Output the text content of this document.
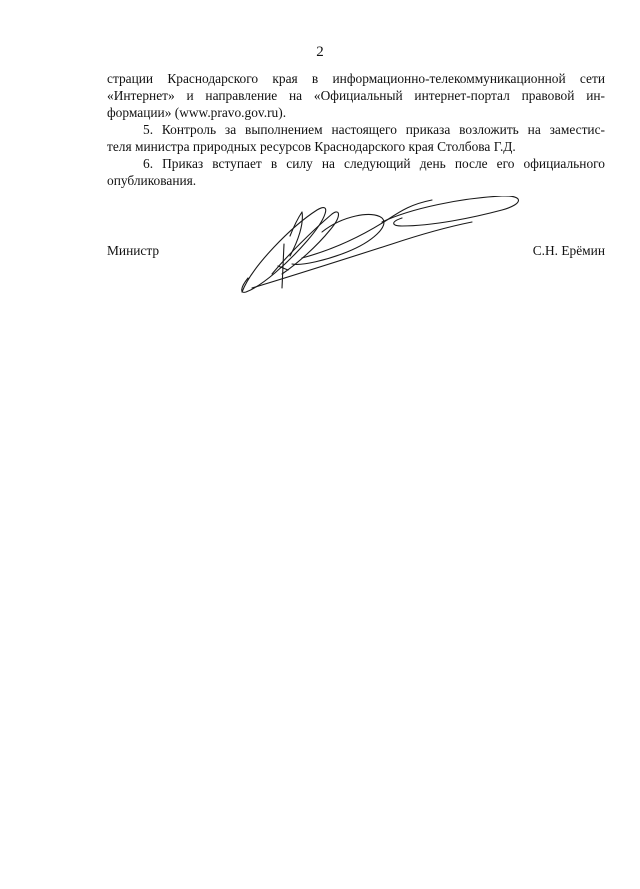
2

страции Краснодарского края в информационно-телекоммуникационной сети
«Интернет» и направление на «Официальный интернет-портал правовой ин-
формации» (www.pravo.gov.ru).

5. Контроль за выполнением настоящего приказа возложить на заместис-
теля министра природных ресурсов Краснодарского края Столбова Г.Д.

6. Приказ вступает в силу на следующий день после его официального
опубликования.

Министр	С.Н. Ерёмин
